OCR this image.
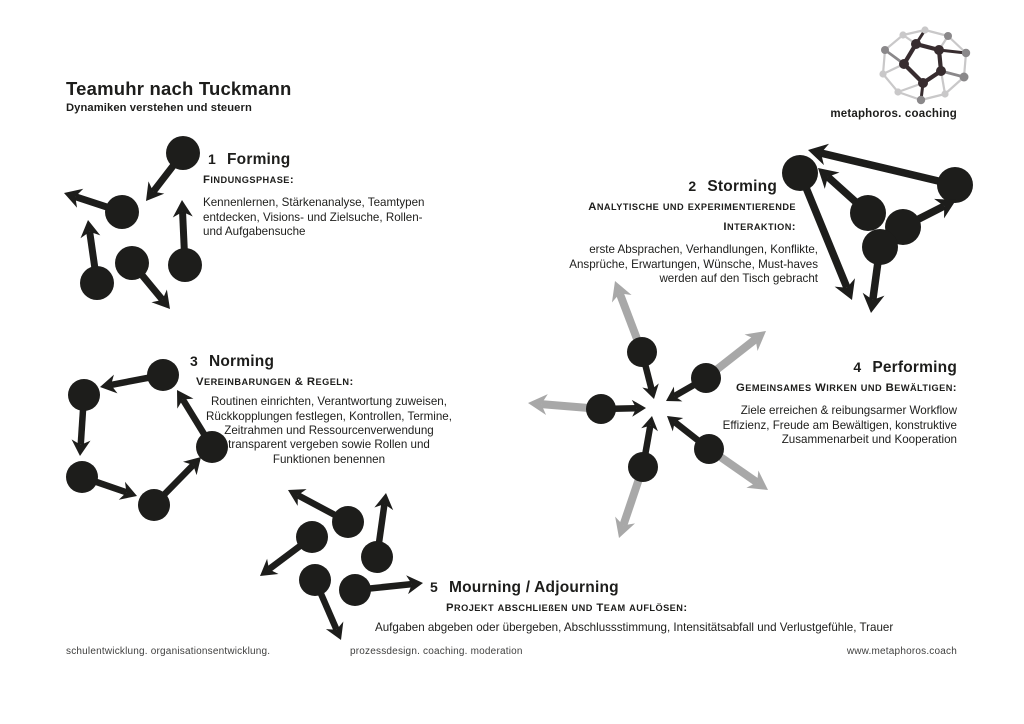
Teamuhr nach Tuckmann
Dynamiken verstehen und steuern	metaphoros. coaching
1 Forming
FINDUNGSPHASE:
Kennenlernen, Stärkenanalyse, Teamtypen
entdecken, Visions- und Zielsuche, Rollen-
und Aufgabensuche
2 Storming
ANALYTISCHE UND EXPERIMENTIERENDE
INTERAKTION:
erste Absprachen, Verhandlungen, Konflikte,
Ansprüche, Erwartungen, Wünsche, Must-haves
werden auf den Tisch gebracht
3 Norming
VEREINBARUNGEN & REGELN:
Routinen einrichten, Verantwortung zuweisen,
Rückkopplungen festlegen, Kontrollen, Termine,
Zeitrahmen und Ressourcenverwendung
transparent vergeben sowie Rollen und
Funktionen benennen
4 Performing
GEMEINSAMES WIRKEN UND BEWÄLTIGEN:
Ziele erreichen & reibungsarmer Workflow
Effizienz, Freude am Bewältigen, konstruktive
Zusammenarbeit und Kooperation
5 Mourning / Adjourning
PROJEKT ABSCHLIEßEN UND TEAM AUFLÖSEN:
Aufgaben abgeben oder übergeben, Abschlussstimmung, Intensitätsabfall und Verlustgefühle, Trauer
schulentwicklung. organisationsentwicklung.	prozessdesign. coaching. moderation	www.metaphoros.coach
